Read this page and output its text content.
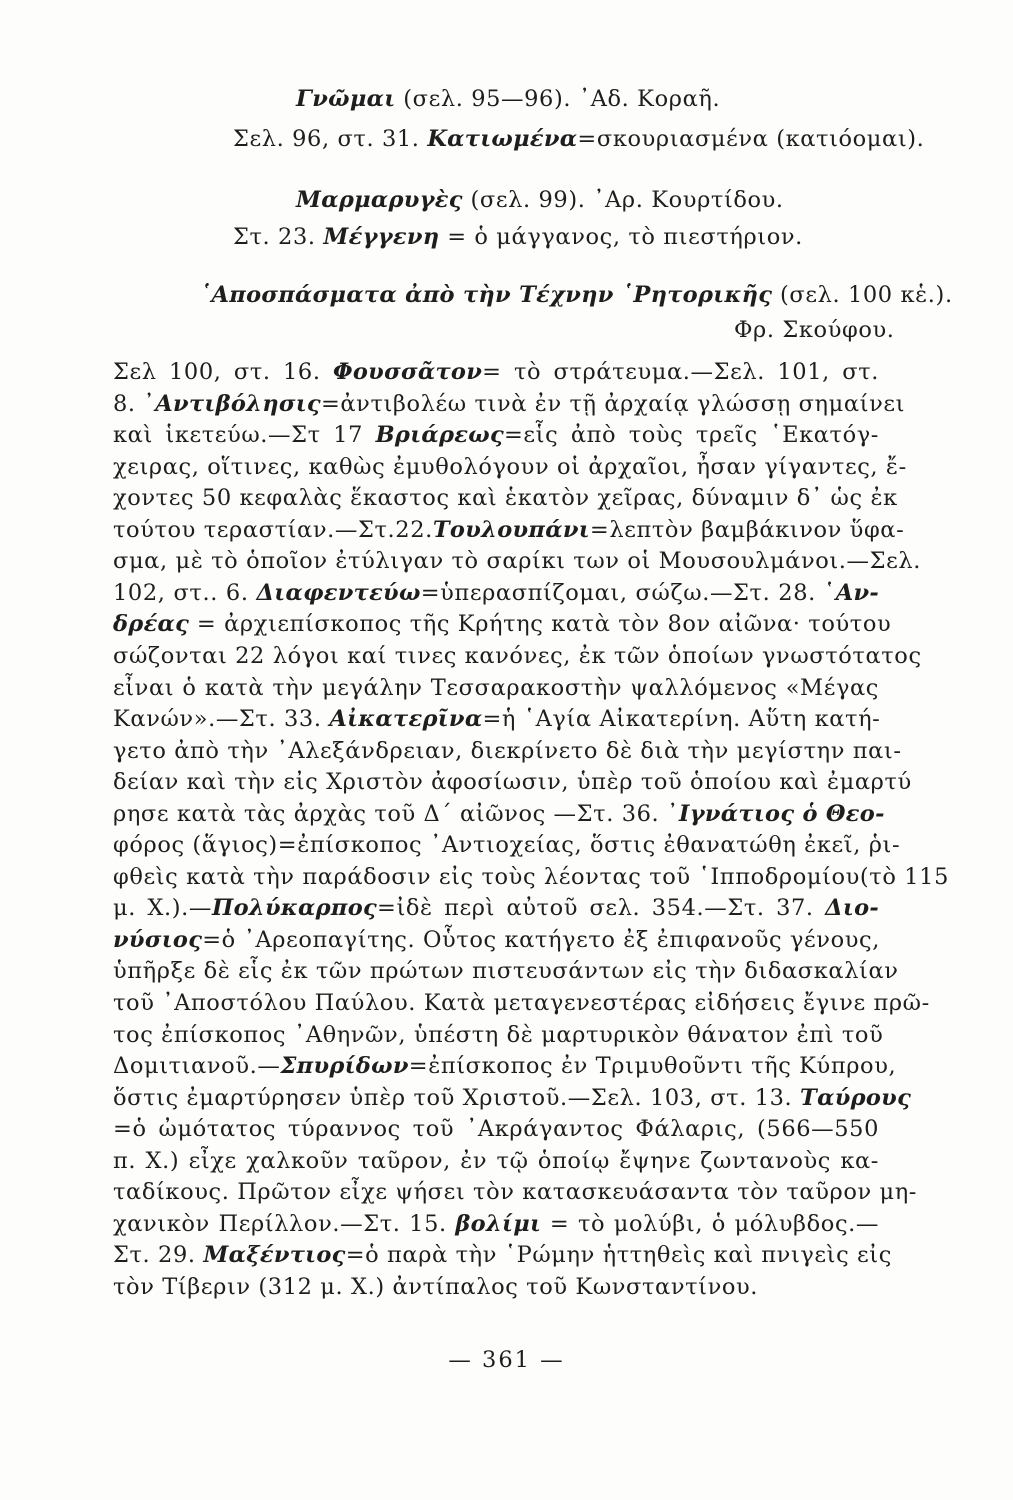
Γνῶμαι (σελ. 95—96). ᾿Αδ. Κοραῆ.
Σελ. 96, στ. 31. Κατιωμένα=σκουριασμένα (κατιόομαι).
Μαρμαρυγὲς (σελ. 99). ᾿Αρ. Κουρτίδου.
Στ. 23. Μέγγενη = ὁ μάγγανος, τὸ πιεστήριον.
῾Αποσπάσματα ἀπὸ τὴν Τέχνην ῾Ρητορικῆς (σελ. 100 κἑ.).
Φρ. Σκούφου.
Σελ 100, στ. 16. Φουσσᾶτον= τὸ στράτευμα.—Σελ. 101, στ.
8. ᾿Αντιβόλησις=ἀντιβολέω τινὰ ἐν τῇ ἀρχαίᾳ γλώσσῃ σημαίνει
καὶ ἱκετεύω.—Στ 17 Βριάρεως=εἷς ἀπὸ τοὺς τρεῖς ῾Εκατόγ-
χειρας, οἵτινες, καθὼς ἐμυθολόγουν οἱ ἀρχαῖοι, ἦσαν γίγαντες, ἔ-
χοντες 50 κεφαλὰς ἕκαστος καὶ ἑκατὸν χεῖρας, δύναμιν δ᾿ ὡς ἐκ
τούτου τεραστίαν.—Στ.22.Τουλουπάνι=λεπτὸν βαμβάκινον ὕφα-
σμα, μὲ τὸ ὁποῖον ἐτύλιγαν τὸ σαρίκι των οἱ Μουσουλμάνοι.—Σελ.
102, στ.. 6. Διαφεντεύω=ὑπερασπίζομαι, σώζω.—Στ. 28. ῾Αν-
δρέας = ἀρχιεπίσκοπος τῆς Κρήτης κατὰ τὸν 8ον αἰῶνα· τούτου
σώζονται 22 λόγοι καί τινες κανόνες, ἐκ τῶν ὁποίων γνωστότατος
εἶναι ὁ κατὰ τὴν μεγάλην Τεσσαρακοστὴν ψαλλόμενος «Μέγας
Κανών».—Στ. 33. Αἰκατερῖνα=ἡ ῾Αγία Αἰκατερίνη. Αὕτη κατή-
γετο ἀπὸ τὴν ᾿Αλεξάνδρειαν, διεκρίνετο δὲ διὰ τὴν μεγίστην παι-
δείαν καὶ τὴν εἰς Χριστὸν ἀφοσίωσιν, ὑπὲρ τοῦ ὁποίου καὶ ἐμαρτύ
ρησε κατὰ τὰς ἀρχὰς τοῦ Δ´ αἰῶνος —Στ. 36. ᾿Ιγνάτιος ὁ Θεο-
φόρος (ἅγιος)=ἐπίσκοπος ᾿Αντιοχείας, ὅστις ἐθανατώθη ἐκεῖ, ῥι-
φθεὶς κατὰ τὴν παράδοσιν εἰς τοὺς λέοντας τοῦ ῾Ιπποδρομίου(τὸ 115
μ. Χ.).—Πολύκαρπος=ἰδὲ περὶ αὐτοῦ σελ. 354.—Στ. 37. Διο-
νύσιος=ὁ ᾿Αρεοπαγίτης. Οὗτος κατήγετο ἐξ ἐπιφανοῦς γένους,
ὑπῆρξε δὲ εἷς ἐκ τῶν πρώτων πιστευσάντων εἰς τὴν διδασκαλίαν
τοῦ ᾿Αποστόλου Παύλου. Κατὰ μεταγενεστέρας εἰδήσεις ἔγινε πρῶ-
τος ἐπίσκοπος ᾿Αθηνῶν, ὑπέστη δὲ μαρτυρικὸν θάνατον ἐπὶ τοῦ
Δομιτιανοῦ.—Σπυρίδων=ἐπίσκοπος ἐν Τριμυθοῦντι τῆς Κύπρου,
ὅστις ἐμαρτύρησεν ὑπὲρ τοῦ Χριστοῦ.—Σελ. 103, στ. 13. Ταύρους
=ὁ ὠμότατος τύραννος τοῦ ᾿Ακράγαντος Φάλαρις, (566—550
π. Χ.) εἶχε χαλκοῦν ταῦρον, ἐν τῷ ὁποίῳ ἔψηνε ζωντανοὺς κα-
ταδίκους. Πρῶτον εἶχε ψήσει τὸν κατασκευάσαντα τὸν ταῦρον μη-
χανικὸν Περίλλον.—Στ. 15. βολίμι = τὸ μολύβι, ὁ μόλυβδος.—
Στ. 29. Μαξέντιος=ὁ παρὰ τὴν ῾Ρώμην ἡττηθεὶς καὶ πνιγεὶς εἰς
τὸν Τίβεριν (312 μ. Χ.) ἀντίπαλος τοῦ Κωνσταντίνου.
— 361 —
